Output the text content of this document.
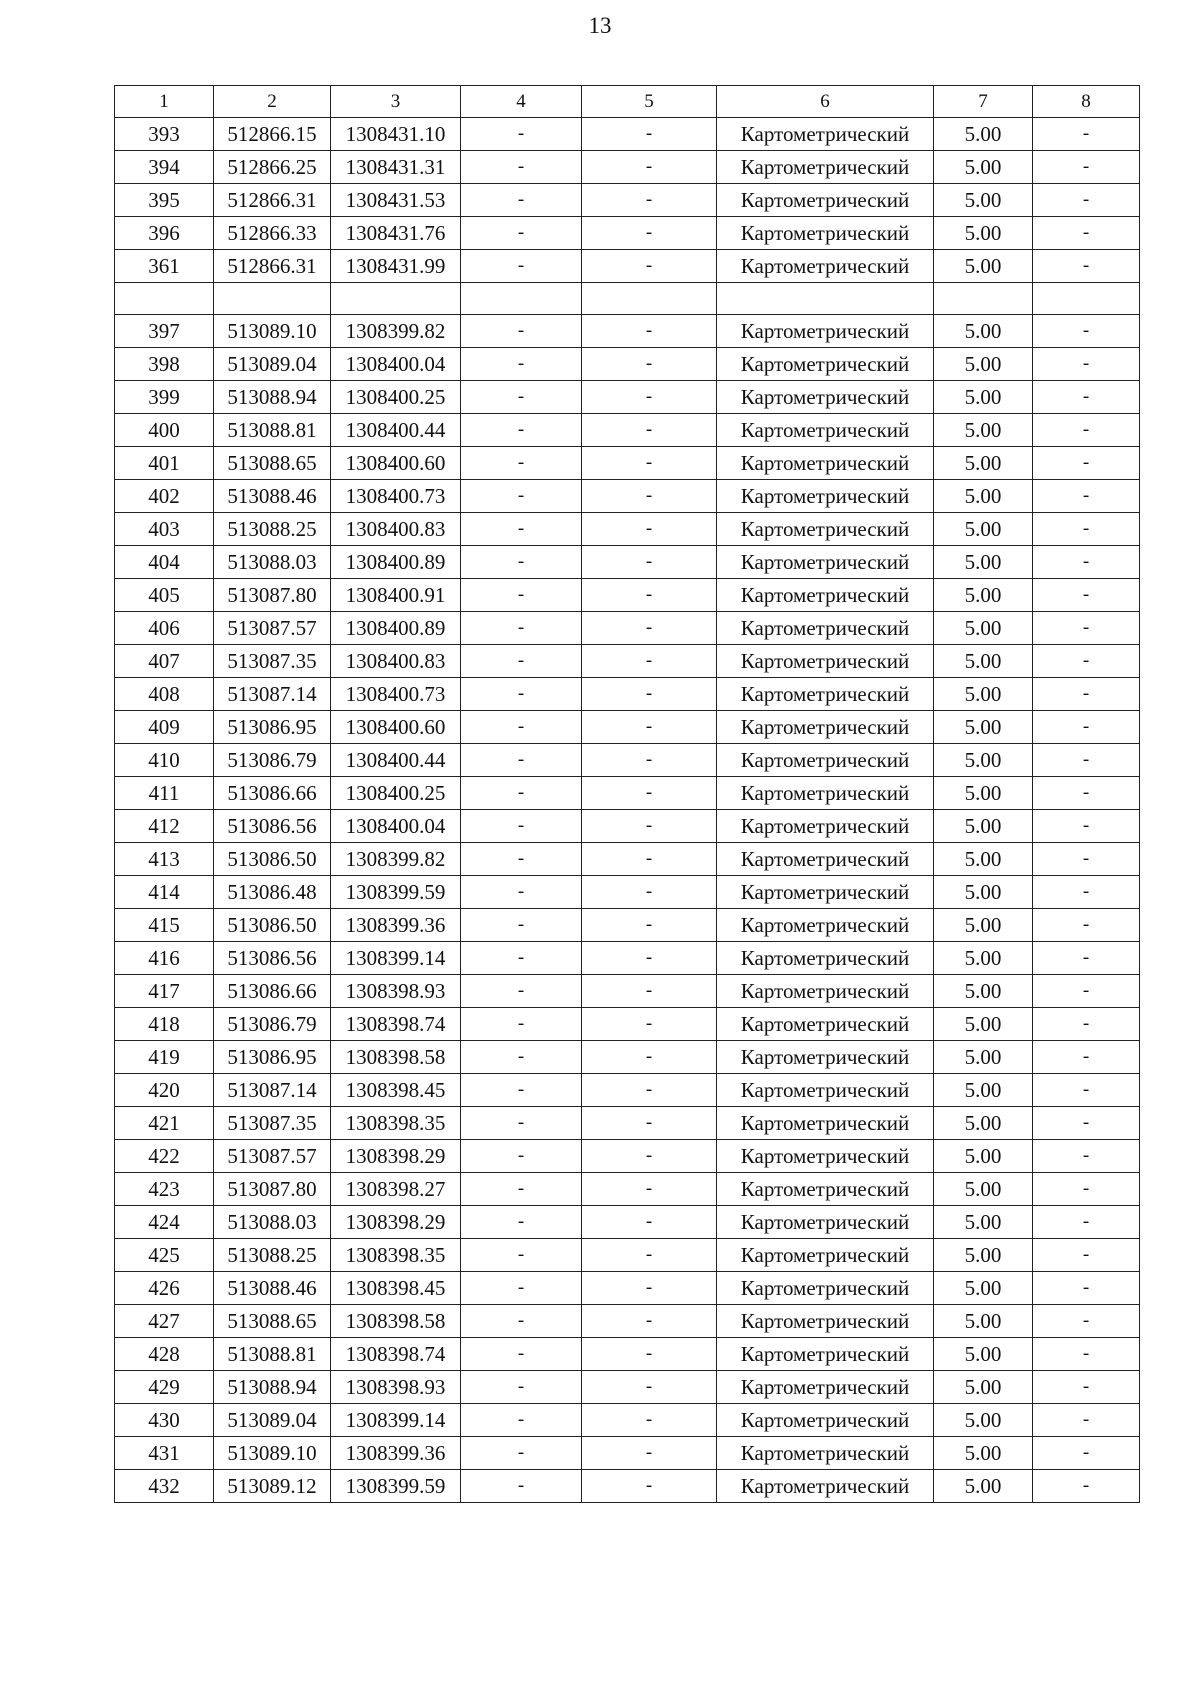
13
1	2	3	4	5	6	7	8
393	512866.15	1308431.10	-	-	Картометрический	5.00	-
394	512866.25	1308431.31	-	-	Картометрический	5.00	-
395	512866.31	1308431.53	-	-	Картометрический	5.00	-
396	512866.33	1308431.76	-	-	Картометрический	5.00	-
361	512866.31	1308431.99	-	-	Картометрический	5.00	-

397	513089.10	1308399.82	-	-	Картометрический	5.00	-
398	513089.04	1308400.04	-	-	Картометрический	5.00	-
399	513088.94	1308400.25	-	-	Картометрический	5.00	-
400	513088.81	1308400.44	-	-	Картометрический	5.00	-
401	513088.65	1308400.60	-	-	Картометрический	5.00	-
402	513088.46	1308400.73	-	-	Картометрический	5.00	-
403	513088.25	1308400.83	-	-	Картометрический	5.00	-
404	513088.03	1308400.89	-	-	Картометрический	5.00	-
405	513087.80	1308400.91	-	-	Картометрический	5.00	-
406	513087.57	1308400.89	-	-	Картометрический	5.00	-
407	513087.35	1308400.83	-	-	Картометрический	5.00	-
408	513087.14	1308400.73	-	-	Картометрический	5.00	-
409	513086.95	1308400.60	-	-	Картометрический	5.00	-
410	513086.79	1308400.44	-	-	Картометрический	5.00	-
411	513086.66	1308400.25	-	-	Картометрический	5.00	-
412	513086.56	1308400.04	-	-	Картометрический	5.00	-
413	513086.50	1308399.82	-	-	Картометрический	5.00	-
414	513086.48	1308399.59	-	-	Картометрический	5.00	-
415	513086.50	1308399.36	-	-	Картометрический	5.00	-
416	513086.56	1308399.14	-	-	Картометрический	5.00	-
417	513086.66	1308398.93	-	-	Картометрический	5.00	-
418	513086.79	1308398.74	-	-	Картометрический	5.00	-
419	513086.95	1308398.58	-	-	Картометрический	5.00	-
420	513087.14	1308398.45	-	-	Картометрический	5.00	-
421	513087.35	1308398.35	-	-	Картометрический	5.00	-
422	513087.57	1308398.29	-	-	Картометрический	5.00	-
423	513087.80	1308398.27	-	-	Картометрический	5.00	-
424	513088.03	1308398.29	-	-	Картометрический	5.00	-
425	513088.25	1308398.35	-	-	Картометрический	5.00	-
426	513088.46	1308398.45	-	-	Картометрический	5.00	-
427	513088.65	1308398.58	-	-	Картометрический	5.00	-
428	513088.81	1308398.74	-	-	Картометрический	5.00	-
429	513088.94	1308398.93	-	-	Картометрический	5.00	-
430	513089.04	1308399.14	-	-	Картометрический	5.00	-
431	513089.10	1308399.36	-	-	Картометрический	5.00	-
432	513089.12	1308399.59	-	-	Картометрический	5.00	-
